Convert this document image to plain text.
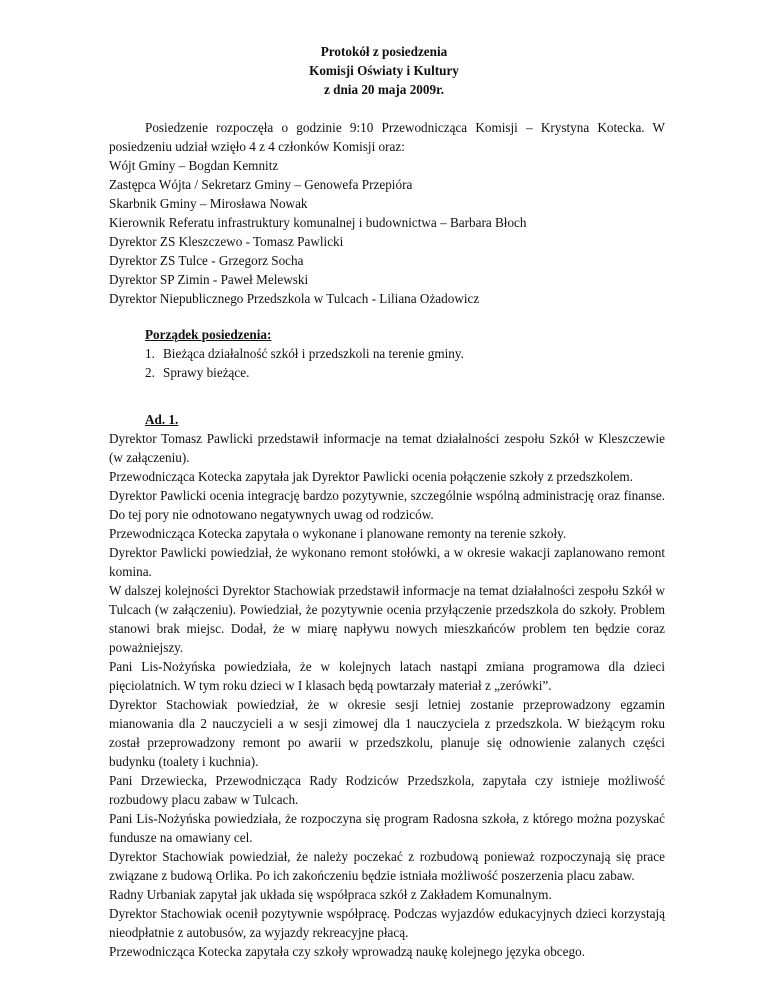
Protokół z posiedzenia
Komisji Oświaty i Kultury
z dnia 20 maja 2009r.

Posiedzenie rozpoczęła o godzinie 9:10 Przewodnicząca Komisji – Krystyna Kotecka. W posiedzeniu udział wzięło 4 z 4 członków Komisji oraz:

Wójt Gminy – Bogdan Kemnitz
Zastępca Wójta / Sekretarz Gminy – Genowefa Przepióra
Skarbnik Gminy – Mirosława Nowak
Kierownik Referatu infrastruktury komunalnej i budownictwa – Barbara Błoch
Dyrektor ZS Kleszczewo - Tomasz Pawlicki
Dyrektor ZS Tulce - Grzegorz Socha
Dyrektor SP Zimin - Paweł Melewski
Dyrektor Niepublicznego Przedszkola w Tulcach - Liliana Ożadowicz
Porządek posiedzenia:
1. Bieżąca działalność szkół i przedszkoli na terenie gminy.
2. Sprawy bieżące.
Ad. 1.

Dyrektor Tomasz Pawlicki przedstawił informacje na temat działalności zespołu Szkół w Kleszczewie (w załączeniu).

Przewodnicząca Kotecka zapytała jak Dyrektor Pawlicki ocenia połączenie szkoły z przedszkolem.

Dyrektor Pawlicki ocenia integrację bardzo pozytywnie, szczególnie wspólną administrację oraz finanse. Do tej pory nie odnotowano negatywnych uwag od rodziców.

Przewodnicząca Kotecka zapytała o wykonane i planowane remonty na terenie szkoły.

Dyrektor Pawlicki powiedział, że wykonano remont stołówki, a w okresie wakacji zaplanowano remont komina.

W dalszej kolejności Dyrektor Stachowiak przedstawił informacje na temat działalności zespołu Szkół w Tulcach (w załączeniu). Powiedział, że pozytywnie ocenia przyłączenie przedszkola do szkoły. Problem stanowi brak miejsc. Dodał, że w miarę napływu nowych mieszkańców problem ten będzie coraz poważniejszy.

Pani Lis-Nożyńska powiedziała, że w kolejnych latach nastąpi zmiana programowa dla dzieci pięciolatnich. W tym roku dzieci w I klasach będą powtarzały materiał z „zerówki”.

Dyrektor Stachowiak powiedział, że w okresie sesji letniej zostanie przeprowadzony egzamin mianowania dla 2 nauczycieli a w sesji zimowej dla 1 nauczyciela z przedszkola. W bieżącym roku został przeprowadzony remont po awarii w przedszkolu, planuje się odnowienie zalanych części budynku (toalety i kuchnia).

Pani Drzewiecka, Przewodnicząca Rady Rodziców Przedszkola, zapytała czy istnieje możliwość rozbudowy placu zabaw w Tulcach.

Pani Lis-Nożyńska powiedziała, że rozpoczyna się program Radosna szkoła, z którego można pozyskać fundusze na omawiany cel.

Dyrektor Stachowiak powiedział, że należy poczekać z rozbudową ponieważ rozpoczynają się prace związane z budową Orlika. Po ich zakończeniu będzie istniała możliwość poszerzenia placu zabaw.

Radny Urbaniak zapytał jak układa się współpraca szkół z Zakładem Komunalnym.

Dyrektor Stachowiak ocenił pozytywnie współpracę. Podczas wyjazdów edukacyjnych dzieci korzystają nieodpłatnie z autobusów, za wyjazdy rekreacyjne płacą.

Przewodnicząca Kotecka zapytała czy szkoły wprowadzą naukę kolejnego języka obcego.
